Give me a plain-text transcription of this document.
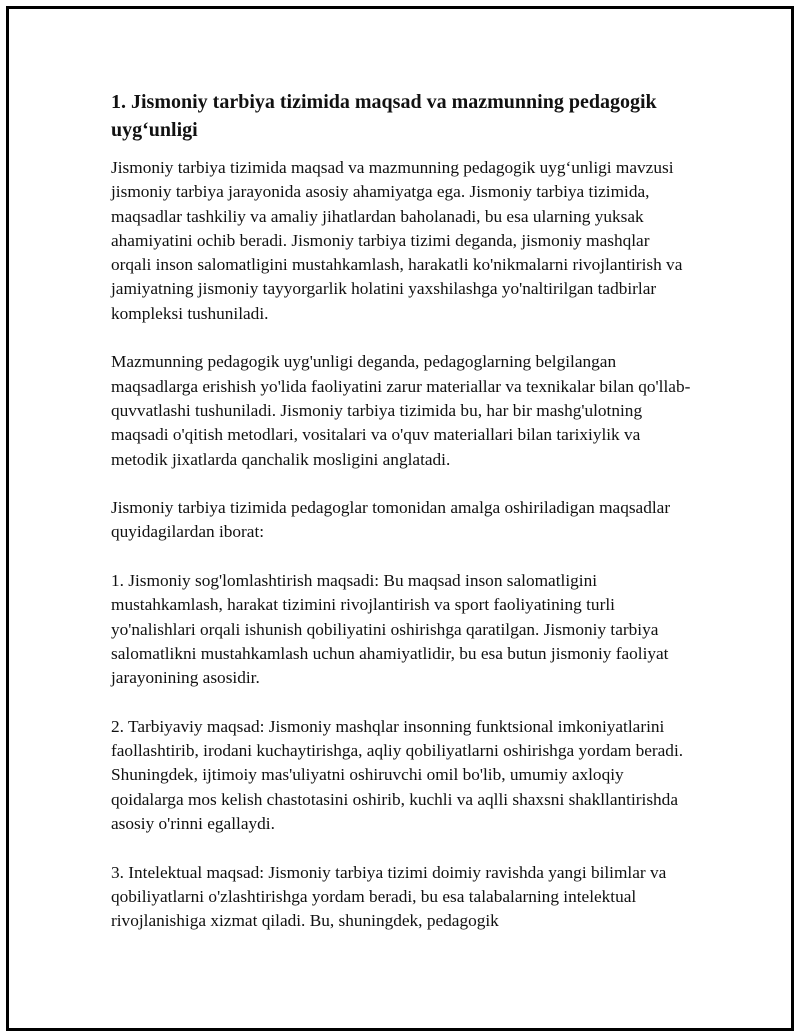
1. Jismoniy tarbiya tizimida maqsad va mazmunning pedagogik uyg‘unligi

Jismoniy tarbiya tizimida maqsad va mazmunning pedagogik uyg‘unligi mavzusi jismoniy tarbiya jarayonida asosiy ahamiyatga ega. Jismoniy tarbiya tizimida, maqsadlar tashkiliy va amaliy jihatlardan baholanadi, bu esa ularning yuksak ahamiyatini ochib beradi. Jismoniy tarbiya tizimi deganda, jismoniy mashqlar orqali inson salomatligini mustahkamlash, harakatli ko'nikmalarni rivojlantirish va jamiyatning jismoniy tayyorgarlik holatini yaxshilashga yo'naltirilgan tadbirlar kompleksi tushuniladi.

Mazmunning pedagogik uyg'unligi deganda, pedagoglarning belgilangan maqsadlarga erishish yo'lida faoliyatini zarur materiallar va texnikalar bilan qo'llab-quvvatlashi tushuniladi. Jismoniy tarbiya tizimida bu, har bir mashg'ulotning maqsadi o'qitish metodlari, vositalari va o'quv materiallari bilan tarixiylik va metodik jixatlarda qanchalik mosligini anglatadi.

Jismoniy tarbiya tizimida pedagoglar tomonidan amalga oshiriladigan maqsadlar quyidagilardan iborat:

1. Jismoniy sog'lomlashtirish maqsadi: Bu maqsad inson salomatligini mustahkamlash, harakat tizimini rivojlantirish va sport faoliyatining turli yo'nalishlari orqali ishunish qobiliyatini oshirishga qaratilgan. Jismoniy tarbiya salomatlikni mustahkamlash uchun ahamiyatlidir, bu esa butun jismoniy faoliyat jarayonining asosidir.

2. Tarbiyaviy maqsad: Jismoniy mashqlar insonning funktsional imkoniyatlarini faollashtirib, irodani kuchaytirishga, aqliy qobiliyatlarni oshirishga yordam beradi. Shuningdek, ijtimoiy mas'uliyatni oshiruvchi omil bo'lib, umumiy axloqiy qoidalarga mos kelish chastotasini oshirib, kuchli va aqlli shaxsni shakllantirishda asosiy o'rinni egallaydi.

3. Intelektual maqsad: Jismoniy tarbiya tizimi doimiy ravishda yangi bilimlar va qobiliyatlarni o'zlashtirishga yordam beradi, bu esa talabalarning intelektual rivojlanishiga xizmat qiladi. Bu, shuningdek, pedagogik
